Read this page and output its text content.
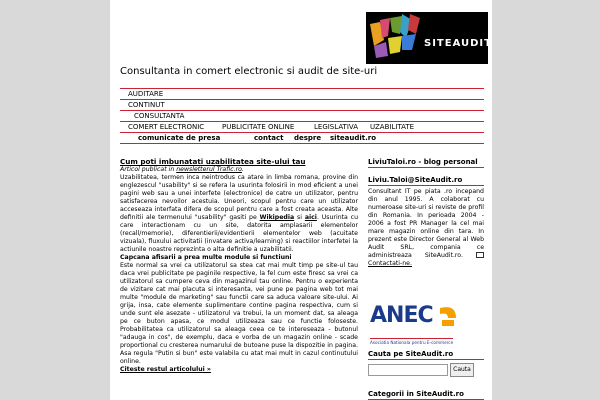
Consultanta in comert electronic si audit de site-uri
SITEAUDIT
AUDITARE
CONTINUT
CONSULTANTA
COMERT ELECTRONIC	PUBLICITATE ONLINE	LEGISLATIVA UZABILITATE
comunicate de presa	contact despre siteaudit.ro
Cum poti imbunatati uzabilitatea site-ului tau
Articol publicat in newsletterul Trafic.ro.
Uzabilitatea, termen inca neintrodus ca atare in limba romana, provine din englezescul "usability" si se refera la usurinta folosirii in mod eficient a unei pagini web sau a unei interfete (electronice) de catre un utilizator, pentru satisfacerea nevoilor acestuia. Uneori, scopul pentru care un utilizator acceseaza interfata difera de scopul pentru care a fost creata aceasta. Alte definitii ale termenului "usability" gasiti pe Wikipedia si aici. Usurinta cu care interactionam cu un site, datorita amplasarii elementelor (recall/memorie), diferentierii/evidentierii elementelor web (acuitate vizuala), fluxului activitatii (invatare activa/learning) si reactiilor interfetei la actiunile noastre reprezinta o alta definitie a uzabilitatii.
Capcana afisarii a prea multe module si functiuni
Este normal sa vrei ca utilizatorul sa stea cat mai mult timp pe site-ul tau daca vrei publicitate pe paginile respective, la fel cum este firesc sa vrei ca utilizatorul sa cumpere ceva din magazinul tau online. Pentru o experienta de vizitare cat mai placuta si interesanta, vei pune pe pagina web tot mai multe "module de marketing" sau functii care sa aduca valoare site-ului. Ai grija, insa, cate elemente suplimentare contine pagina respectiva, cum si unde sunt ele asezate - utilizatorul va trebui, la un moment dat, sa aleaga pe ce buton apasa, ce modul utilizeaza sau ce functie foloseste. Probabilitatea ca utilizatorul sa aleaga ceea ce te intereseaza - butonul "adauga in cos", de exemplu, daca e vorba de un magazin online - scade proportional cu cresterea numarului de butoane puse la dispozitie in pagina. Asa regula "Putin si bun" este valabila cu atat mai mult in cazul continutului online.
Citeste restul articolului »
LiviuTaloi.ro - blog personal
Liviu.Taloi@SiteAudit.ro
Consultant IT pe piata .ro incepand din anul 1995. A colaborat cu numeroase site-uri si reviste de profil din Romania. In perioada 2004 - 2006 a fost PR Manager la cel mai mare magazin online din tara. In prezent este Director General al Web Audit SRL, compania ce administreaza SiteAudit.ro.  Contactati-ne.
ANEC
Asociatia Nationala pentru E-commerce
Cauta pe SiteAudit.ro
Cauta
Categorii in SiteAudit.ro
